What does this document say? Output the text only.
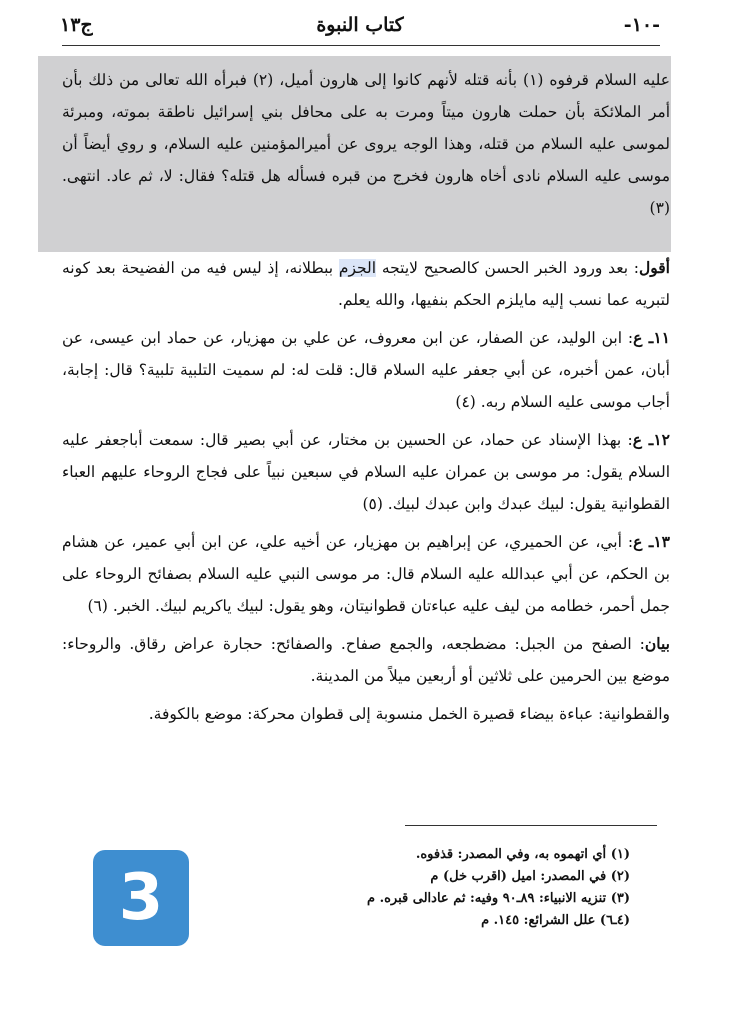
-١٠-
كتاب النبوة
ج١٣

عليه السلام قرفوه (١) بأنه قتله لأنهم كانوا إلى هارون أميل، (٢) فبرأه الله تعالى من ذلك بأن أمر الملائكة بأن حملت هارون ميتاً ومرت به على محافل بني إسرائيل ناطقة بموته، ومبرئة لموسى عليه السلام من قتله، وهذا الوجه يروى عن أميرالمؤمنين عليه السلام، و روي أيضاً أن موسى عليه السلام نادى أخاه هارون فخرج من قبره فسأله هل قتله؟ فقال: لا، ثم عاد. انتهى. (٣)

أقول: بعد ورود الخبر الحسن كالصحيح لايتجه الجزم ببطلانه، إذ ليس فيه من الفضيحة بعد كونه لتبريه عما نسب إليه مايلزم الحكم بنفيها، والله يعلم.

١١ـ ع: ابن الوليد، عن الصفار، عن ابن معروف، عن علي بن مهزيار، عن حماد ابن عيسى، عن أبان، عمن أخبره، عن أبي جعفر عليه السلام قال: قلت له: لم سميت التلبية تلبية؟ قال: إجابة، أجاب موسى عليه السلام ربه. (٤)

١٢ـ ع: بهذا الإسناد عن حماد، عن الحسين بن مختار، عن أبي بصير قال: سمعت أباجعفر عليه السلام يقول: مر موسى بن عمران عليه السلام في سبعين نبياً على فجاج الروحاء عليهم العباء القطوانية يقول: لبيك عبدك وابن عبدك لبيك. (٥)

١٣ـ ع: أبي، عن الحميري، عن إبراهيم بن مهزيار، عن أخيه علي، عن ابن أبي عمير، عن هشام بن الحكم، عن أبي عبدالله عليه السلام قال: مر موسى النبي عليه السلام بصفائح الروحاء على جمل أحمر، خطامه من ليف عليه عباءتان قطوانيتان، وهو يقول: لبيك ياكريم لبيك. الخبر. (٦)

بيان: الصفح من الجبل: مضطجعه، والجمع صفاح. والصفائح: حجارة عراض رقاق. والروحاء: موضع بين الحرمين على ثلاثين أو أربعين ميلاً من المدينة.

والقطوانية: عباءة بيضاء قصيرة الخمل منسوبة إلى قطوان محركة: موضع بالكوفة.

(١) أي اتهموه به، وفي المصدر: قذفوه.
(٢) في المصدر: اميل (اقرب خل) م
(٣) تنزيه الانبياء: ٨٩ـ٩٠ وفيه: ثم عادالى قبره. م
(٤ـ٦) علل الشرائع: ١٤٥. م
3
